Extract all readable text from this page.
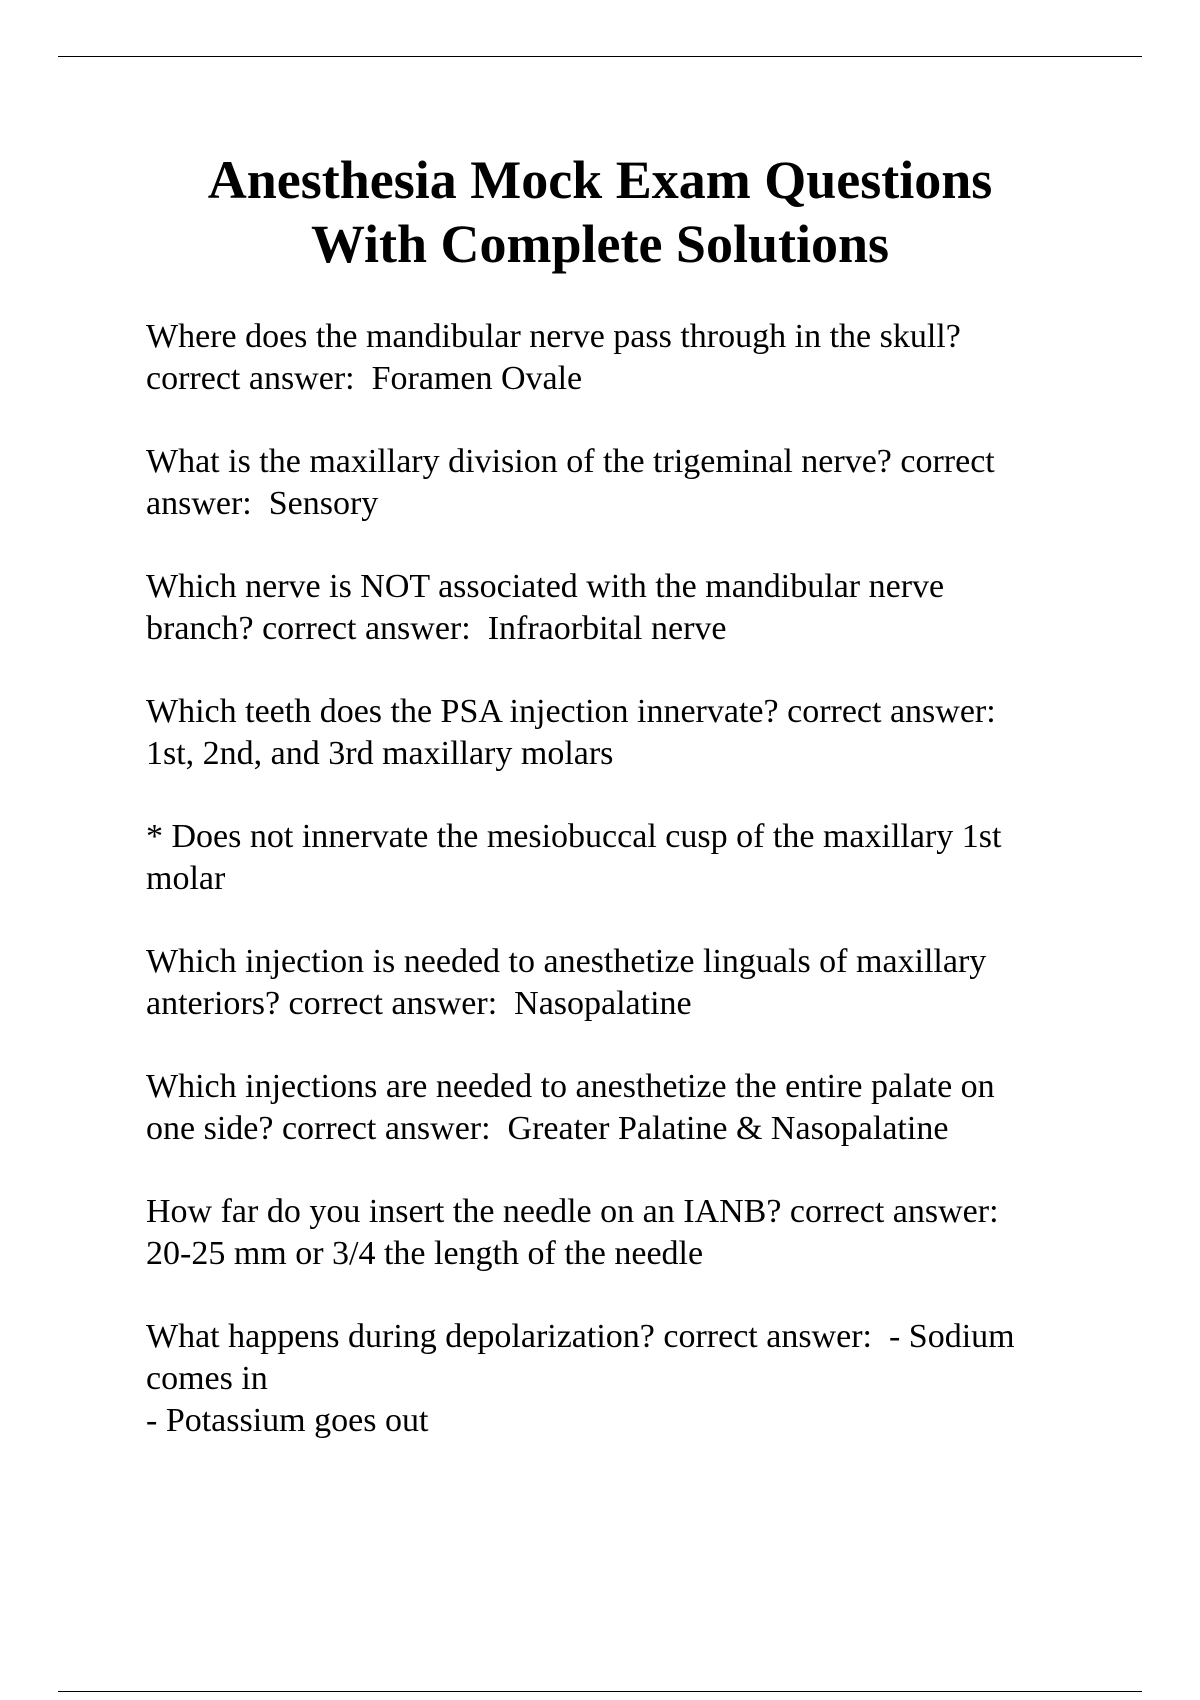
Anesthesia Mock Exam Questions
With Complete Solutions

Where does the mandibular nerve pass through in the skull?
correct answer:  Foramen Ovale

What is the maxillary division of the trigeminal nerve? correct
answer:  Sensory

Which nerve is NOT associated with the mandibular nerve
branch? correct answer:  Infraorbital nerve

Which teeth does the PSA injection innervate? correct answer:
1st, 2nd, and 3rd maxillary molars

* Does not innervate the mesiobuccal cusp of the maxillary 1st
molar

Which injection is needed to anesthetize linguals of maxillary
anteriors? correct answer:  Nasopalatine

Which injections are needed to anesthetize the entire palate on
one side? correct answer:  Greater Palatine & Nasopalatine

How far do you insert the needle on an IANB? correct answer:
20-25 mm or 3/4 the length of the needle

What happens during depolarization? correct answer:  - Sodium
comes in
- Potassium goes out
